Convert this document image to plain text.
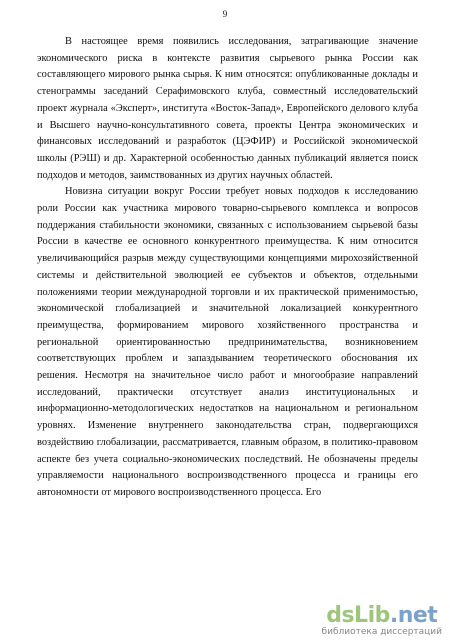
9

В настоящее время появились исследования, затрагивающие значение экономического риска в контексте развития сырьевого рынка России как составляющего мирового рынка сырья. К ним относятся: опубликованные доклады и стенограммы заседаний Серафимовского клуба, совместный исследовательский проект журнала «Эксперт», института «Восток-Запад», Европейского делового клуба и Высшего научно-консультативного совета, проекты Центра экономических и финансовых исследований и разработок (ЦЭФИР) и Российской экономической школы (РЭШ) и др. Характерной особенностью данных публикаций является поиск подходов и методов, заимствованных из других научных областей.

Новизна ситуации вокруг России требует новых подходов к исследованию роли России как участника мирового товарно-сырьевого комплекса и вопросов поддержания стабильности экономики, связанных с использованием сырьевой базы России в качестве ее основного конкурентного преимущества. К ним относится увеличивающийся разрыв между существующими концепциями мирохозяйственной системы и действительной эволюцией ее субъектов и объектов, отдельными положениями теории международной торговли и их практической применимостью, экономической глобализацией и значительной локализацией конкурентного преимущества, формированием мирового хозяйственного пространства и региональной ориентированностью предпринимательства, возникновением соответствующих проблем и запаздыванием теоретического обоснования их решения. Несмотря на значительное число работ и многообразие направлений исследований, практически отсутствует анализ институциональных и информационно-методологических недостатков на национальном и региональном уровнях. Изменение внутреннего законодательства стран, подвергающихся воздействию глобализации, рассматривается, главным образом, в политико-правовом аспекте без учета социально-экономических последствий. Не обозначены пределы управляемости национального воспроизводственного процесса и границы его автономности от мирового воспроизводственного процесса. Его

dsLib.net
библиотека диссертаций
